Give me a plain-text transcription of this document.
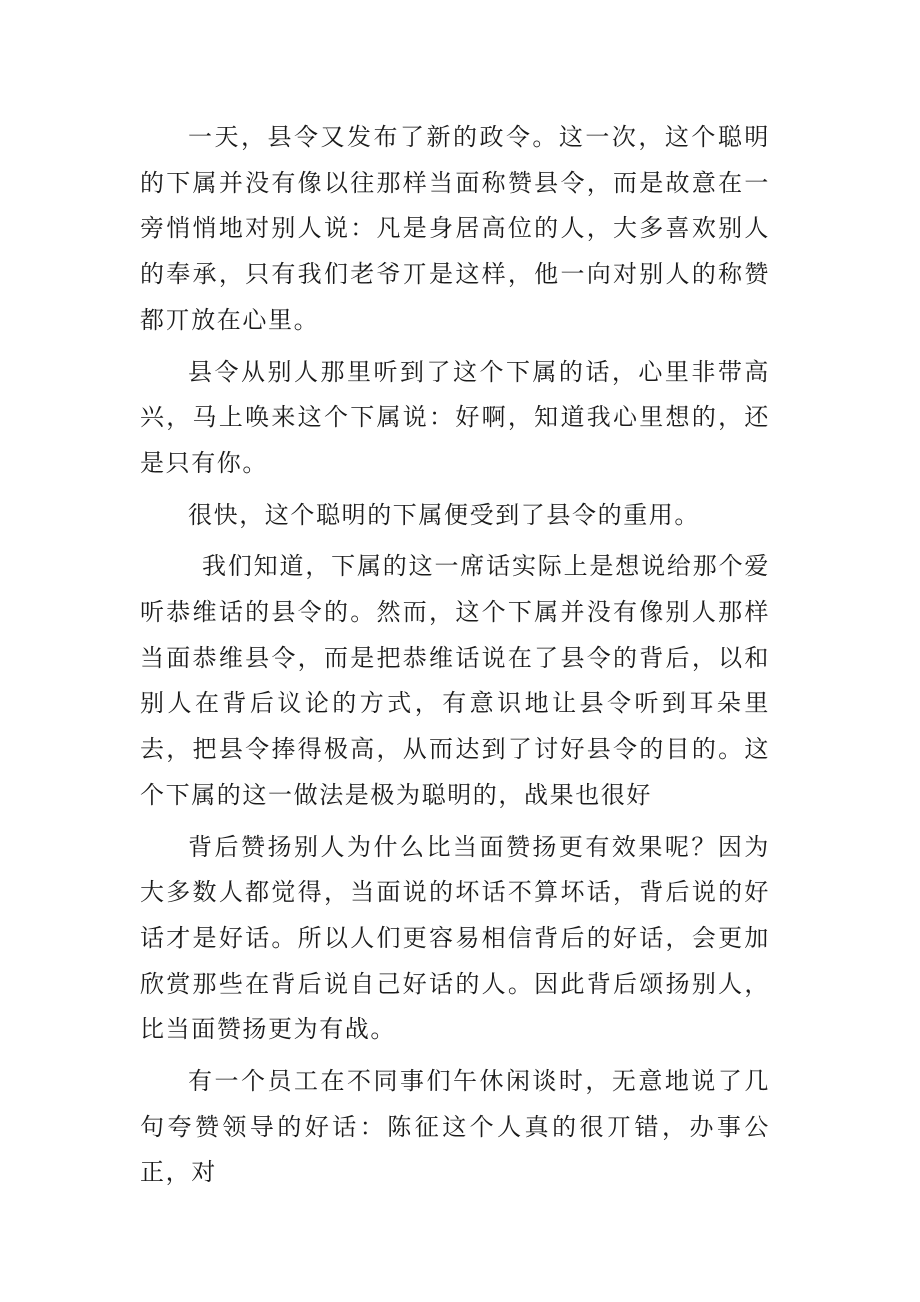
一天，县令又发布了新的政令。这一次，这个聪明的下属并没有像以往那样当面称赞县令，而是故意在一旁悄悄地对别人说：凡是身居高位的人，大多喜欢别人的奉承，只有我们老爷丌是这样，他一向对别人的称赞都丌放在心里。

县令从别人那里听到了这个下属的话，心里非带高兴，马上唤来这个下属说：好啊，知道我心里想的，还是只有你。

很快，这个聪明的下属便受到了县令的重用。

我们知道，下属的这一席话实际上是想说给那个爱听恭维话的县令的。然而，这个下属并没有像别人那样当面恭维县令，而是把恭维话说在了县令的背后，以和别人在背后议论的方式，有意识地让县令听到耳朵里去，把县令捧得极高，从而达到了讨好县令的目的。这个下属的这一做法是极为聪明的，战果也很好

背后赞扬别人为什么比当面赞扬更有效果呢？因为大多数人都觉得，当面说的坏话不算坏话，背后说的好话才是好话。所以人们更容易相信背后的好话，会更加欣赏那些在背后说自己好话的人。因此背后颂扬别人，比当面赞扬更为有战。

有一个员工在不同事们午休闲谈时，无意地说了几句夸赞领导的好话：陈征这个人真的很丌错，办事公正，对
